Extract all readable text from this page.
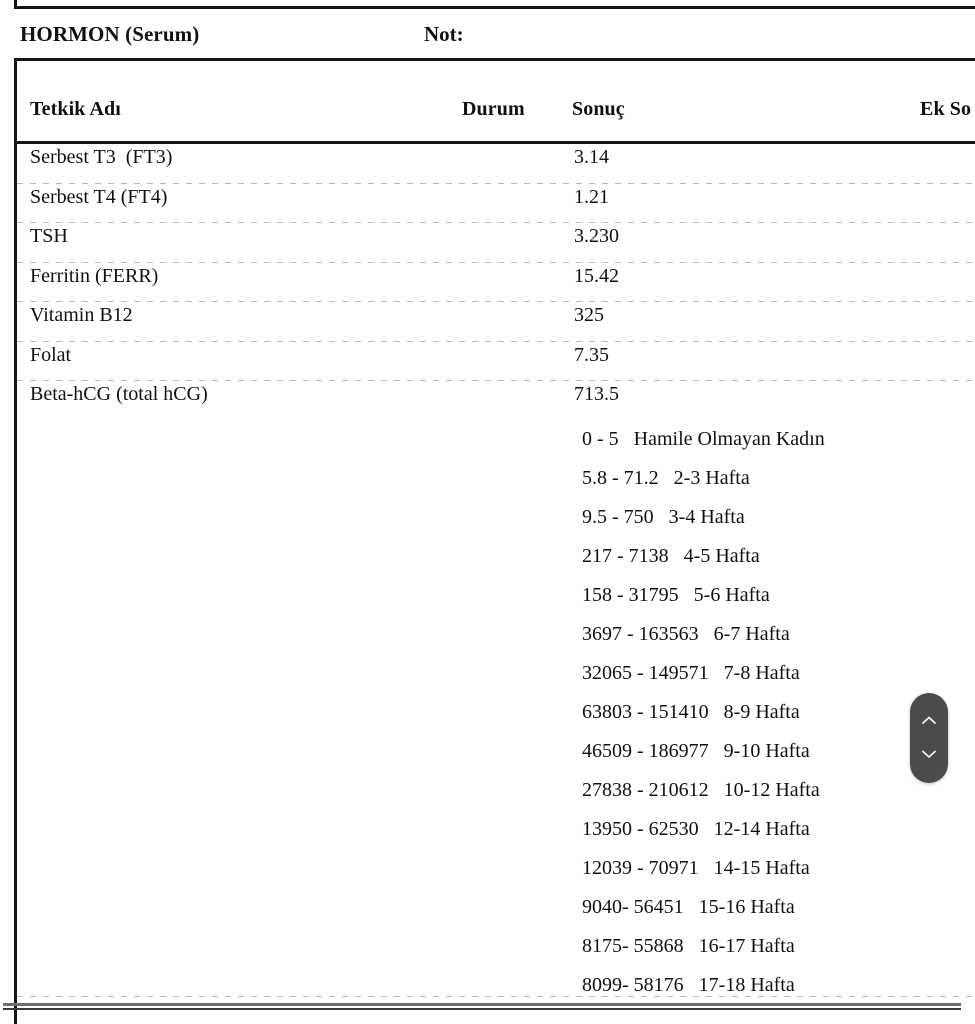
HORMON (Serum)	Not:
Tetkik Adı	Durum Sonuç	Ek So
Serbest T3  (FT3)	3.14
Serbest T4 (FT4)	1.21
TSH	3.230
Ferritin (FERR)	15.42
Vitamin B12	325
Folat	7.35
Beta-hCG (total hCG)	713.5
0 - 5   Hamile Olmayan Kadın
5.8 - 71.2   2-3 Hafta
9.5 - 750   3-4 Hafta
217 - 7138   4-5 Hafta
158 - 31795   5-6 Hafta
3697 - 163563   6-7 Hafta
32065 - 149571   7-8 Hafta
63803 - 151410   8-9 Hafta
46509 - 186977   9-10 Hafta
27838 - 210612   10-12 Hafta
13950 - 62530   12-14 Hafta
12039 - 70971   14-15 Hafta
9040- 56451   15-16 Hafta
8175- 55868   16-17 Hafta
8099- 58176   17-18 Hafta
